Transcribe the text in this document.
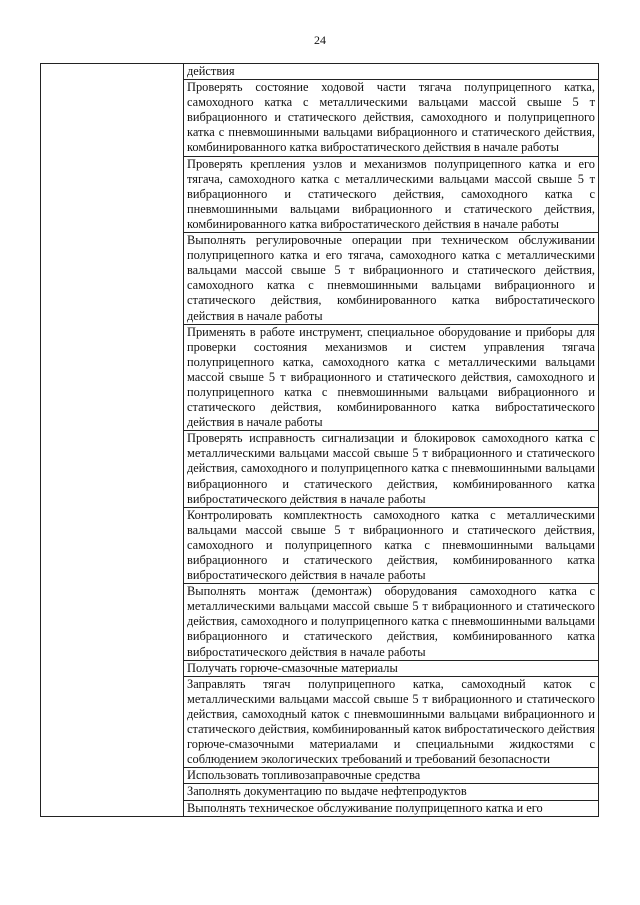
24

действия

Проверять состояние ходовой части тягача полуприцепного катка, самоходного катка с металлическими вальцами массой свыше 5 т вибрационного и статического действия, самоходного и полуприцепного катка с пневмошинными вальцами вибрационного и статического действия, комбинированного катка вибростатического действия в начале работы

Проверять крепления узлов и механизмов полуприцепного катка и его тягача, самоходного катка с металлическими вальцами массой свыше 5 т вибрационного и статического действия, самоходного катка с пневмошинными вальцами вибрационного и статического действия, комбинированного катка вибростатического действия в начале работы

Выполнять регулировочные операции при техническом обслуживании полуприцепного катка и его тягача, самоходного катка с металлическими вальцами массой свыше 5 т вибрационного и статического действия, самоходного катка с пневмошинными вальцами вибрационного и статического действия, комбинированного катка вибростатического действия в начале работы

Применять в работе инструмент, специальное оборудование и приборы для проверки состояния механизмов и систем управления тягача полуприцепного катка, самоходного катка с металлическими вальцами массой свыше 5 т вибрационного и статического действия, самоходного и полуприцепного катка с пневмошинными вальцами вибрационного и статического действия, комбинированного катка вибростатического действия в начале работы

Проверять исправность сигнализации и блокировок самоходного катка с металлическими вальцами массой свыше 5 т вибрационного и статического действия, самоходного и полуприцепного катка с пневмошинными вальцами вибрационного и статического действия, комбинированного катка вибростатического действия в начале работы

Контролировать комплектность самоходного катка с металлическими вальцами массой свыше 5 т вибрационного и статического действия, самоходного и полуприцепного катка с пневмошинными вальцами вибрационного и статического действия, комбинированного катка вибростатического действия в начале работы

Выполнять монтаж (демонтаж) оборудования самоходного катка с металлическими вальцами массой свыше 5 т вибрационного и статического действия, самоходного и полуприцепного катка с пневмошинными вальцами вибрационного и статического действия, комбинированного катка вибростатического действия в начале работы

Получать горюче-смазочные материалы

Заправлять тягач полуприцепного катка, самоходный каток с металлическими вальцами массой свыше 5 т вибрационного и статического действия, самоходный каток с пневмошинными вальцами вибрационного и статического действия, комбинированный каток вибростатического действия горюче-смазочными материалами и специальными жидкостями с соблюдением экологических требований и требований безопасности

Использовать топливозаправочные средства

Заполнять документацию по выдаче нефтепродуктов

Выполнять техническое обслуживание полуприцепного катка и его
